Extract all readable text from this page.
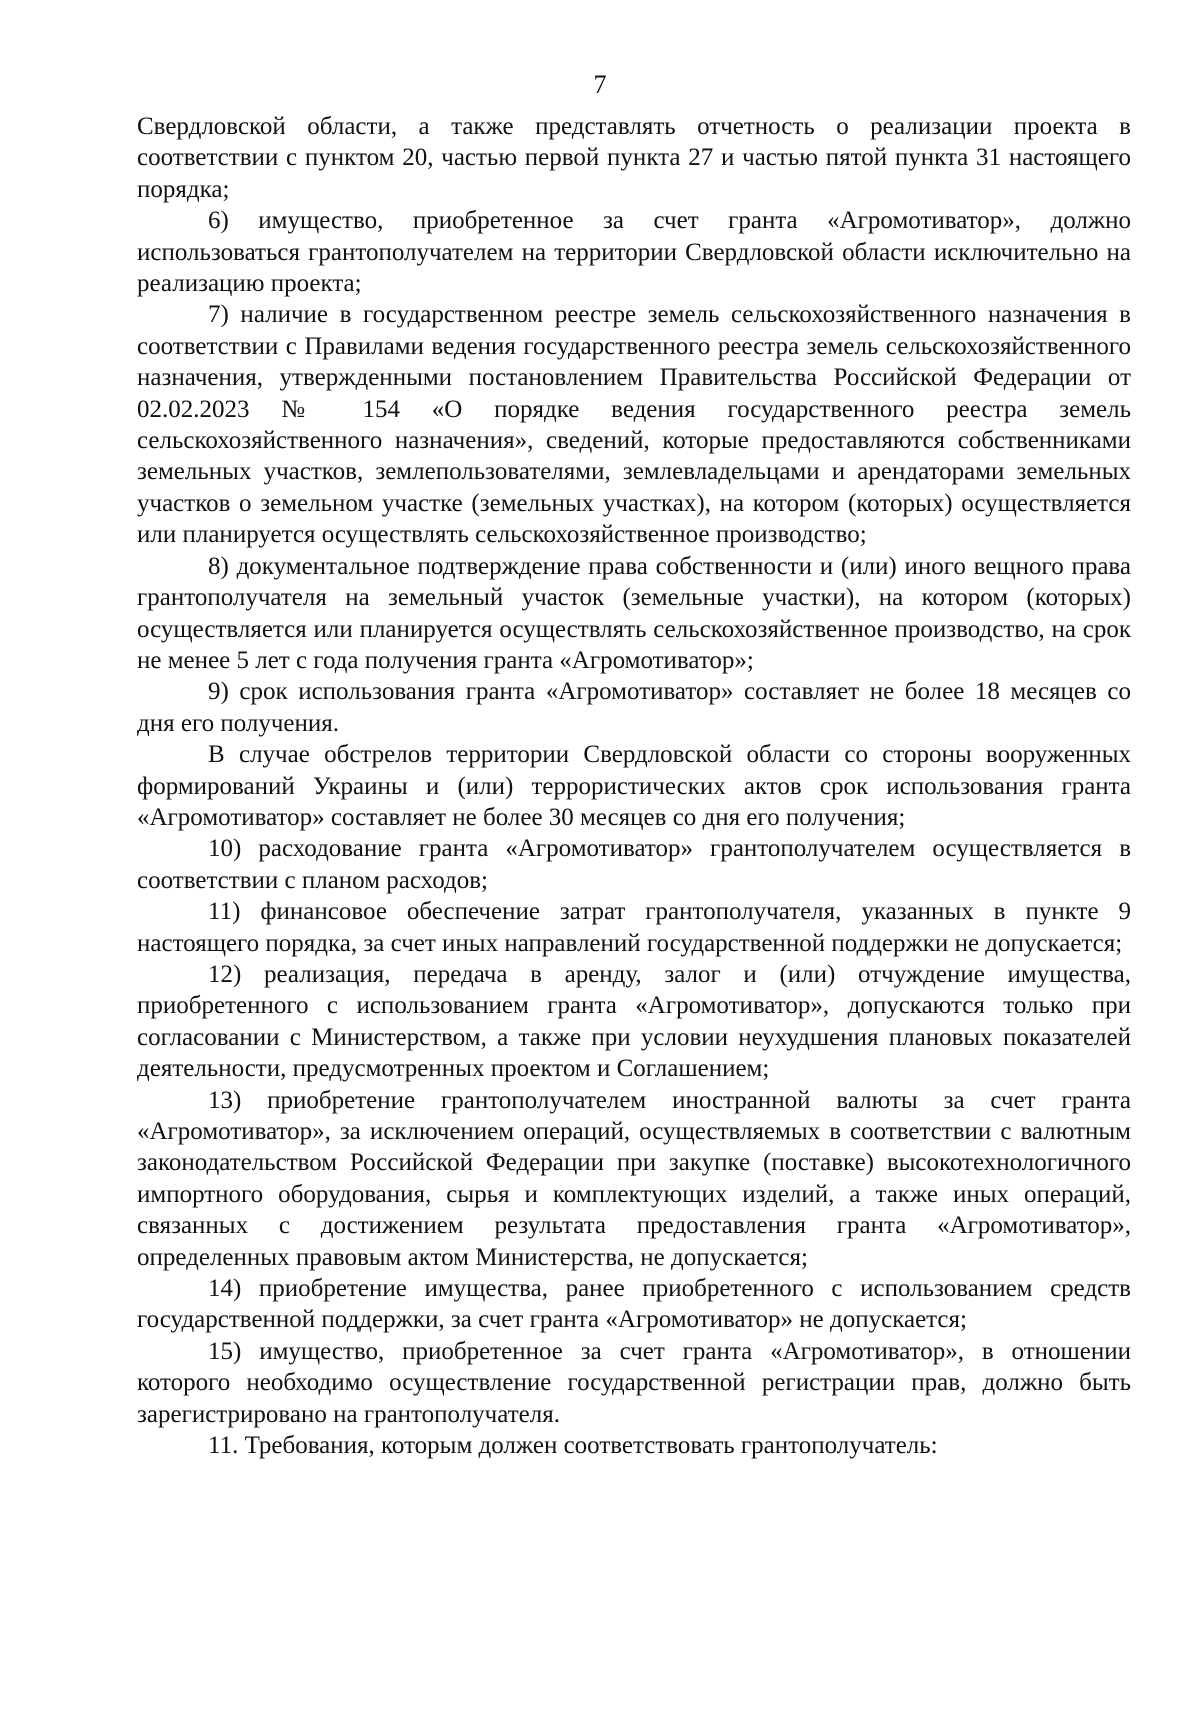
7

Свердловской области, а также представлять отчетность о реализации проекта в соответствии с пунктом 20, частью первой пункта 27 и частью пятой пункта 31 настоящего порядка;

6) имущество, приобретенное за счет гранта «Агромотиватор», должно использоваться грантополучателем на территории Свердловской области исключительно на реализацию проекта;

7) наличие в государственном реестре земель сельскохозяйственного назначения в соответствии с Правилами ведения государственного реестра земель сельскохозяйственного назначения, утвержденными постановлением Правительства Российской Федерации от 02.02.2023 № 154 «О порядке ведения государственного реестра земель сельскохозяйственного назначения», сведений, которые предоставляются собственниками земельных участков, землепользователями, землевладельцами и арендаторами земельных участков о земельном участке (земельных участках), на котором (которых) осуществляется или планируется осуществлять сельскохозяйственное производство;

8) документальное подтверждение права собственности и (или) иного вещного права грантополучателя на земельный участок (земельные участки), на котором (которых) осуществляется или планируется осуществлять сельскохозяйственное производство, на срок не менее 5 лет с года получения гранта «Агромотиватор»;

9) срок использования гранта «Агромотиватор» составляет не более 18 месяцев со дня его получения.

В случае обстрелов территории Свердловской области со стороны вооруженных формирований Украины и (или) террористических актов срок использования гранта «Агромотиватор» составляет не более 30 месяцев со дня его получения;

10) расходование гранта «Агромотиватор» грантополучателем осуществляется в соответствии с планом расходов;

11) финансовое обеспечение затрат грантополучателя, указанных в пункте 9 настоящего порядка, за счет иных направлений государственной поддержки не допускается;

12) реализация, передача в аренду, залог и (или) отчуждение имущества, приобретенного с использованием гранта «Агромотиватор», допускаются только при согласовании с Министерством, а также при условии неухудшения плановых показателей деятельности, предусмотренных проектом и Соглашением;

13) приобретение грантополучателем иностранной валюты за счет гранта «Агромотиватор», за исключением операций, осуществляемых в соответствии с валютным законодательством Российской Федерации при закупке (поставке) высокотехнологичного импортного оборудования, сырья и комплектующих изделий, а также иных операций, связанных с достижением результата предоставления гранта «Агромотиватор», определенных правовым актом Министерства, не допускается;

14) приобретение имущества, ранее приобретенного с использованием средств государственной поддержки, за счет гранта «Агромотиватор» не допускается;

15) имущество, приобретенное за счет гранта «Агромотиватор», в отношении которого необходимо осуществление государственной регистрации прав, должно быть зарегистрировано на грантополучателя.

11. Требования, которым должен соответствовать грантополучатель:
